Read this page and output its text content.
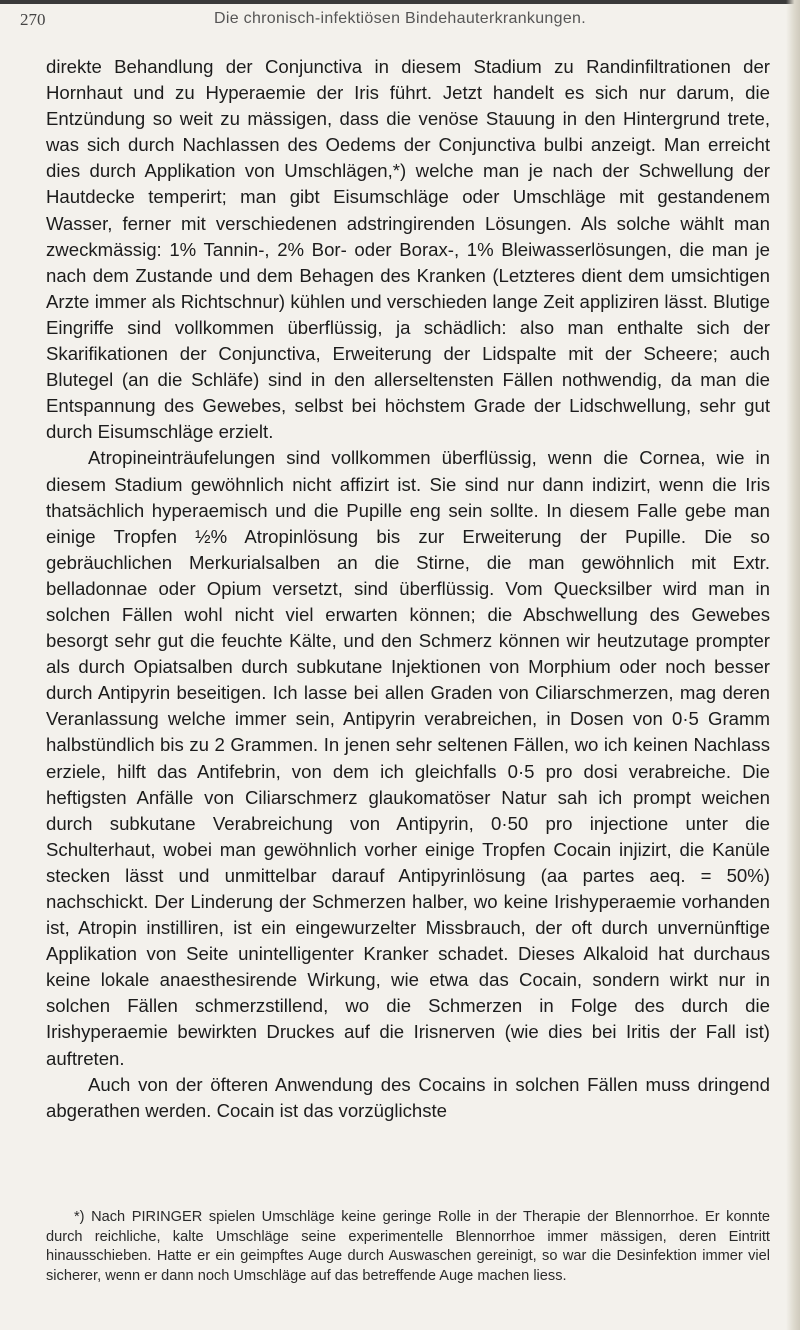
270	Die chronisch-infektiösen Bindehauterkrankungen.

direkte Behandlung der Conjunctiva in diesem Stadium zu Randinfiltrationen der Hornhaut und zu Hyperaemie der Iris führt. Jetzt handelt es sich nur darum, die Entzündung so weit zu mässigen, dass die venöse Stauung in den Hintergrund trete, was sich durch Nachlassen des Oedems der Conjunctiva bulbi anzeigt. Man erreicht dies durch Applikation von Umschlägen,*) welche man je nach der Schwellung der Hautdecke temperirt; man gibt Eisumschläge oder Umschläge mit gestandenem Wasser, ferner mit verschiedenen adstringirenden Lösungen. Als solche wählt man zweckmässig: 1% Tannin-, 2% Bor- oder Borax-, 1% Bleiwasserlösungen, die man je nach dem Zustande und dem Behagen des Kranken (Letzteres dient dem umsichtigen Arzte immer als Richtschnur) kühlen und verschieden lange Zeit appliziren lässt. Blutige Eingriffe sind vollkommen überflüssig, ja schädlich: also man enthalte sich der Skarifikationen der Conjunctiva, Erweiterung der Lidspalte mit der Scheere; auch Blutegel (an die Schläfe) sind in den allerseltensten Fällen nothwendig, da man die Entspannung des Gewebes, selbst bei höchstem Grade der Lidschwellung, sehr gut durch Eisumschläge erzielt.

Atropineinträufelungen sind vollkommen überflüssig, wenn die Cornea, wie in diesem Stadium gewöhnlich nicht affizirt ist. Sie sind nur dann indizirt, wenn die Iris thatsächlich hyperaemisch und die Pupille eng sein sollte. In diesem Falle gebe man einige Tropfen ½% Atropinlösung bis zur Erweiterung der Pupille. Die so gebräuchlichen Merkurialsalben an die Stirne, die man gewöhnlich mit Extr. belladonnae oder Opium versetzt, sind überflüssig. Vom Quecksilber wird man in solchen Fällen wohl nicht viel erwarten können; die Abschwellung des Gewebes besorgt sehr gut die feuchte Kälte, und den Schmerz können wir heutzutage prompter als durch Opiatsalben durch subkutane Injektionen von Morphium oder noch besser durch Antipyrin beseitigen. Ich lasse bei allen Graden von Ciliarschmerzen, mag deren Veranlassung welche immer sein, Antipyrin verabreichen, in Dosen von 0·5 Gramm halbstündlich bis zu 2 Grammen. In jenen sehr seltenen Fällen, wo ich keinen Nachlass erziele, hilft das Antifebrin, von dem ich gleichfalls 0·5 pro dosi verabreiche. Die heftigsten Anfälle von Ciliarschmerz glaukomatöser Natur sah ich prompt weichen durch subkutane Verabreichung von Antipyrin, 0·50 pro injectione unter die Schulterhaut, wobei man gewöhnlich vorher einige Tropfen Cocain injizirt, die Kanüle stecken lässt und unmittelbar darauf Antipyrinlösung (aa partes aeq. = 50%) nachschickt. Der Linderung der Schmerzen halber, wo keine Irishyperaemie vorhanden ist, Atropin instilliren, ist ein eingewurzelter Missbrauch, der oft durch unvernünftige Applikation von Seite unintelligenter Kranker schadet. Dieses Alkaloid hat durchaus keine lokale anaesthesirende Wirkung, wie etwa das Cocain, sondern wirkt nur in solchen Fällen schmerzstillend, wo die Schmerzen in Folge des durch die Irishyperaemie bewirkten Druckes auf die Irisnerven (wie dies bei Iritis der Fall ist) auftreten.

Auch von der öfteren Anwendung des Cocains in solchen Fällen muss dringend abgerathen werden. Cocain ist das vorzüglichste

*) Nach PIRINGER spielen Umschläge keine geringe Rolle in der Therapie der Blennorrhoe. Er konnte durch reichliche, kalte Umschläge seine experimentelle Blennorrhoe immer mässigen, deren Eintritt hinausschieben. Hatte er ein geimpftes Auge durch Auswaschen gereinigt, so war die Desinfektion immer viel sicherer, wenn er dann noch Umschläge auf das betreffende Auge machen liess.
